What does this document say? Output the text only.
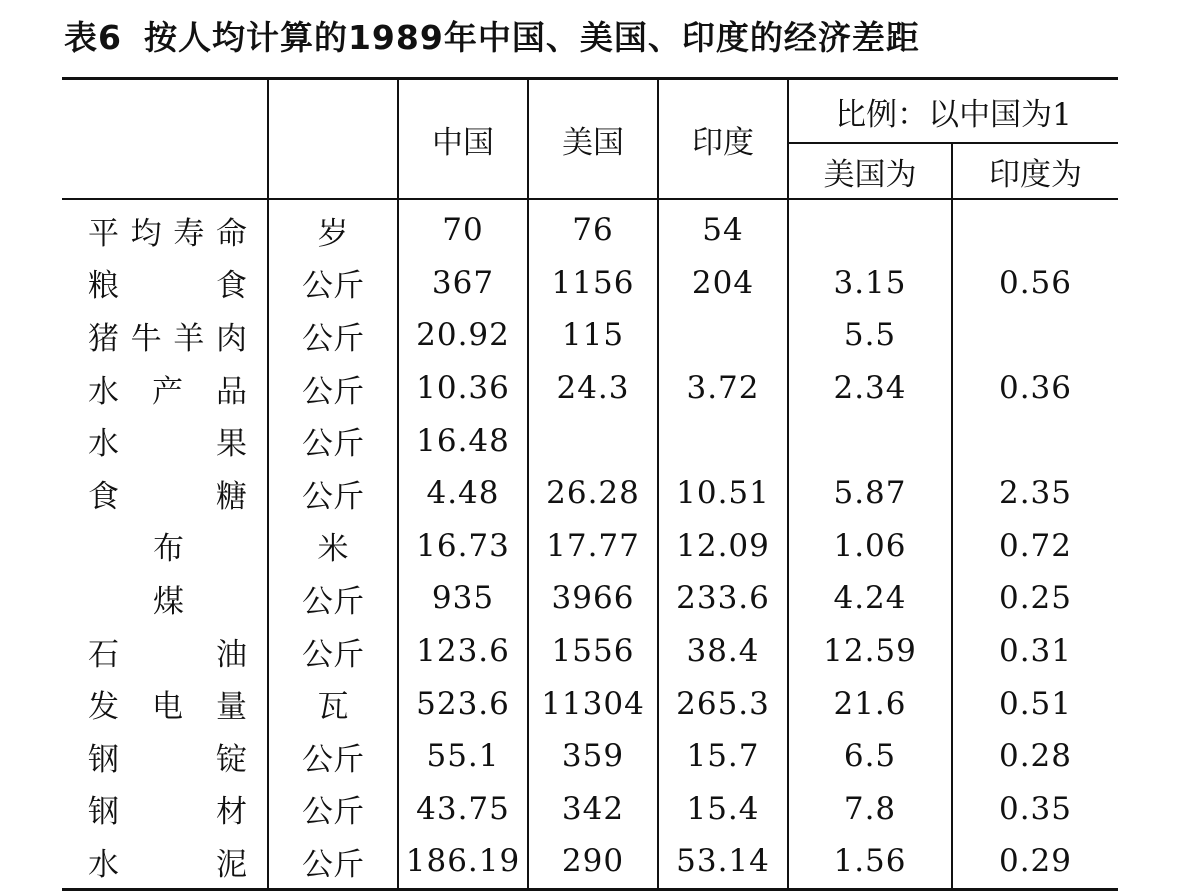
表6 按人均计算的1989年中国、美国、印度的经济差距
		中国	美国	印度	比例：以中国为1	
					美国为	印度为
平均寿命	岁	70	76	54		
粮食	公斤	367	1156	204	3.15	0.56
猪牛羊肉	公斤	20.92	115		5.5	
水产品	公斤	10.36	24.3	3.72	2.34	0.36
水果	公斤	16.48				
食糖	公斤	4.48	26.28	10.51	5.87	2.35
布	米	16.73	17.77	12.09	1.06	0.72
煤	公斤	935	3966	233.6	4.24	0.25
石油	公斤	123.6	1556	38.4	12.59	0.31
发电量	瓦	523.6	11304	265.3	21.6	0.51
钢锭	公斤	55.1	359	15.7	6.5	0.28
钢材	公斤	43.75	342	15.4	7.8	0.35
水泥	公斤	186.19	290	53.14	1.56	0.29
